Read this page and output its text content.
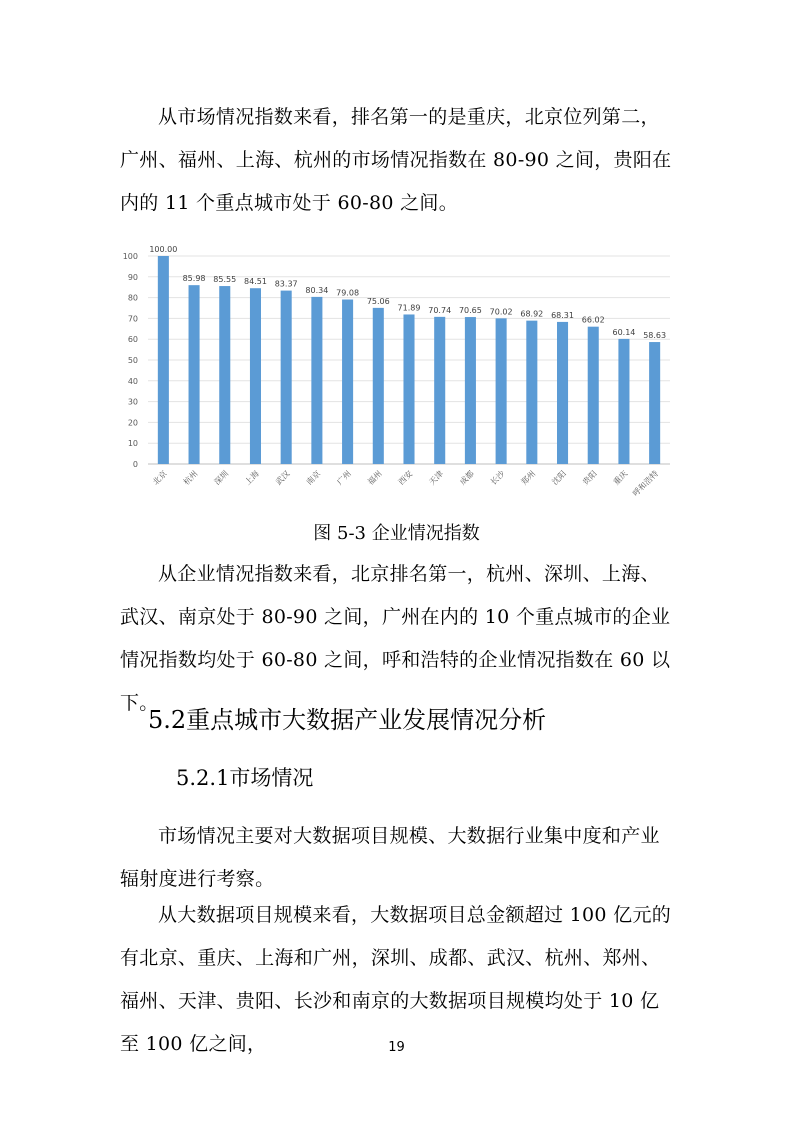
从市场情况指数来看，排名第一的是重庆，北京位列第二，广州、福州、上海、杭州的市场情况指数在 80-90 之间，贵阳在内的 11 个重点城市处于 60-80 之间。

0
10
20
30
40
50
60
70
80
90
100
100.00
北京
85.98
杭州
85.55
深圳
84.51
上海
83.37
武汉
80.34
南京
79.08
广州
75.06
福州
71.89
西安
70.74
天津
70.65
成都
70.02
长沙
68.92
郑州
68.31
沈阳
66.02
贵阳
60.14
重庆
58.63
呼和浩特
图 5-3 企业情况指数

从企业情况指数来看，北京排名第一，杭州、深圳、上海、武汉、南京处于 80-90 之间，广州在内的 10 个重点城市的企业情况指数均处于 60-80 之间，呼和浩特的企业情况指数在 60 以下。

5.2重点城市大数据产业发展情况分析
5.2.1市场情况

市场情况主要对大数据项目规模、大数据行业集中度和产业辐射度进行考察。

从大数据项目规模来看，大数据项目总金额超过 100 亿元的有北京、重庆、上海和广州，深圳、成都、武汉、杭州、郑州、福州、天津、贵阳、长沙和南京的大数据项目规模均处于 10 亿至 100 亿之间，	19
